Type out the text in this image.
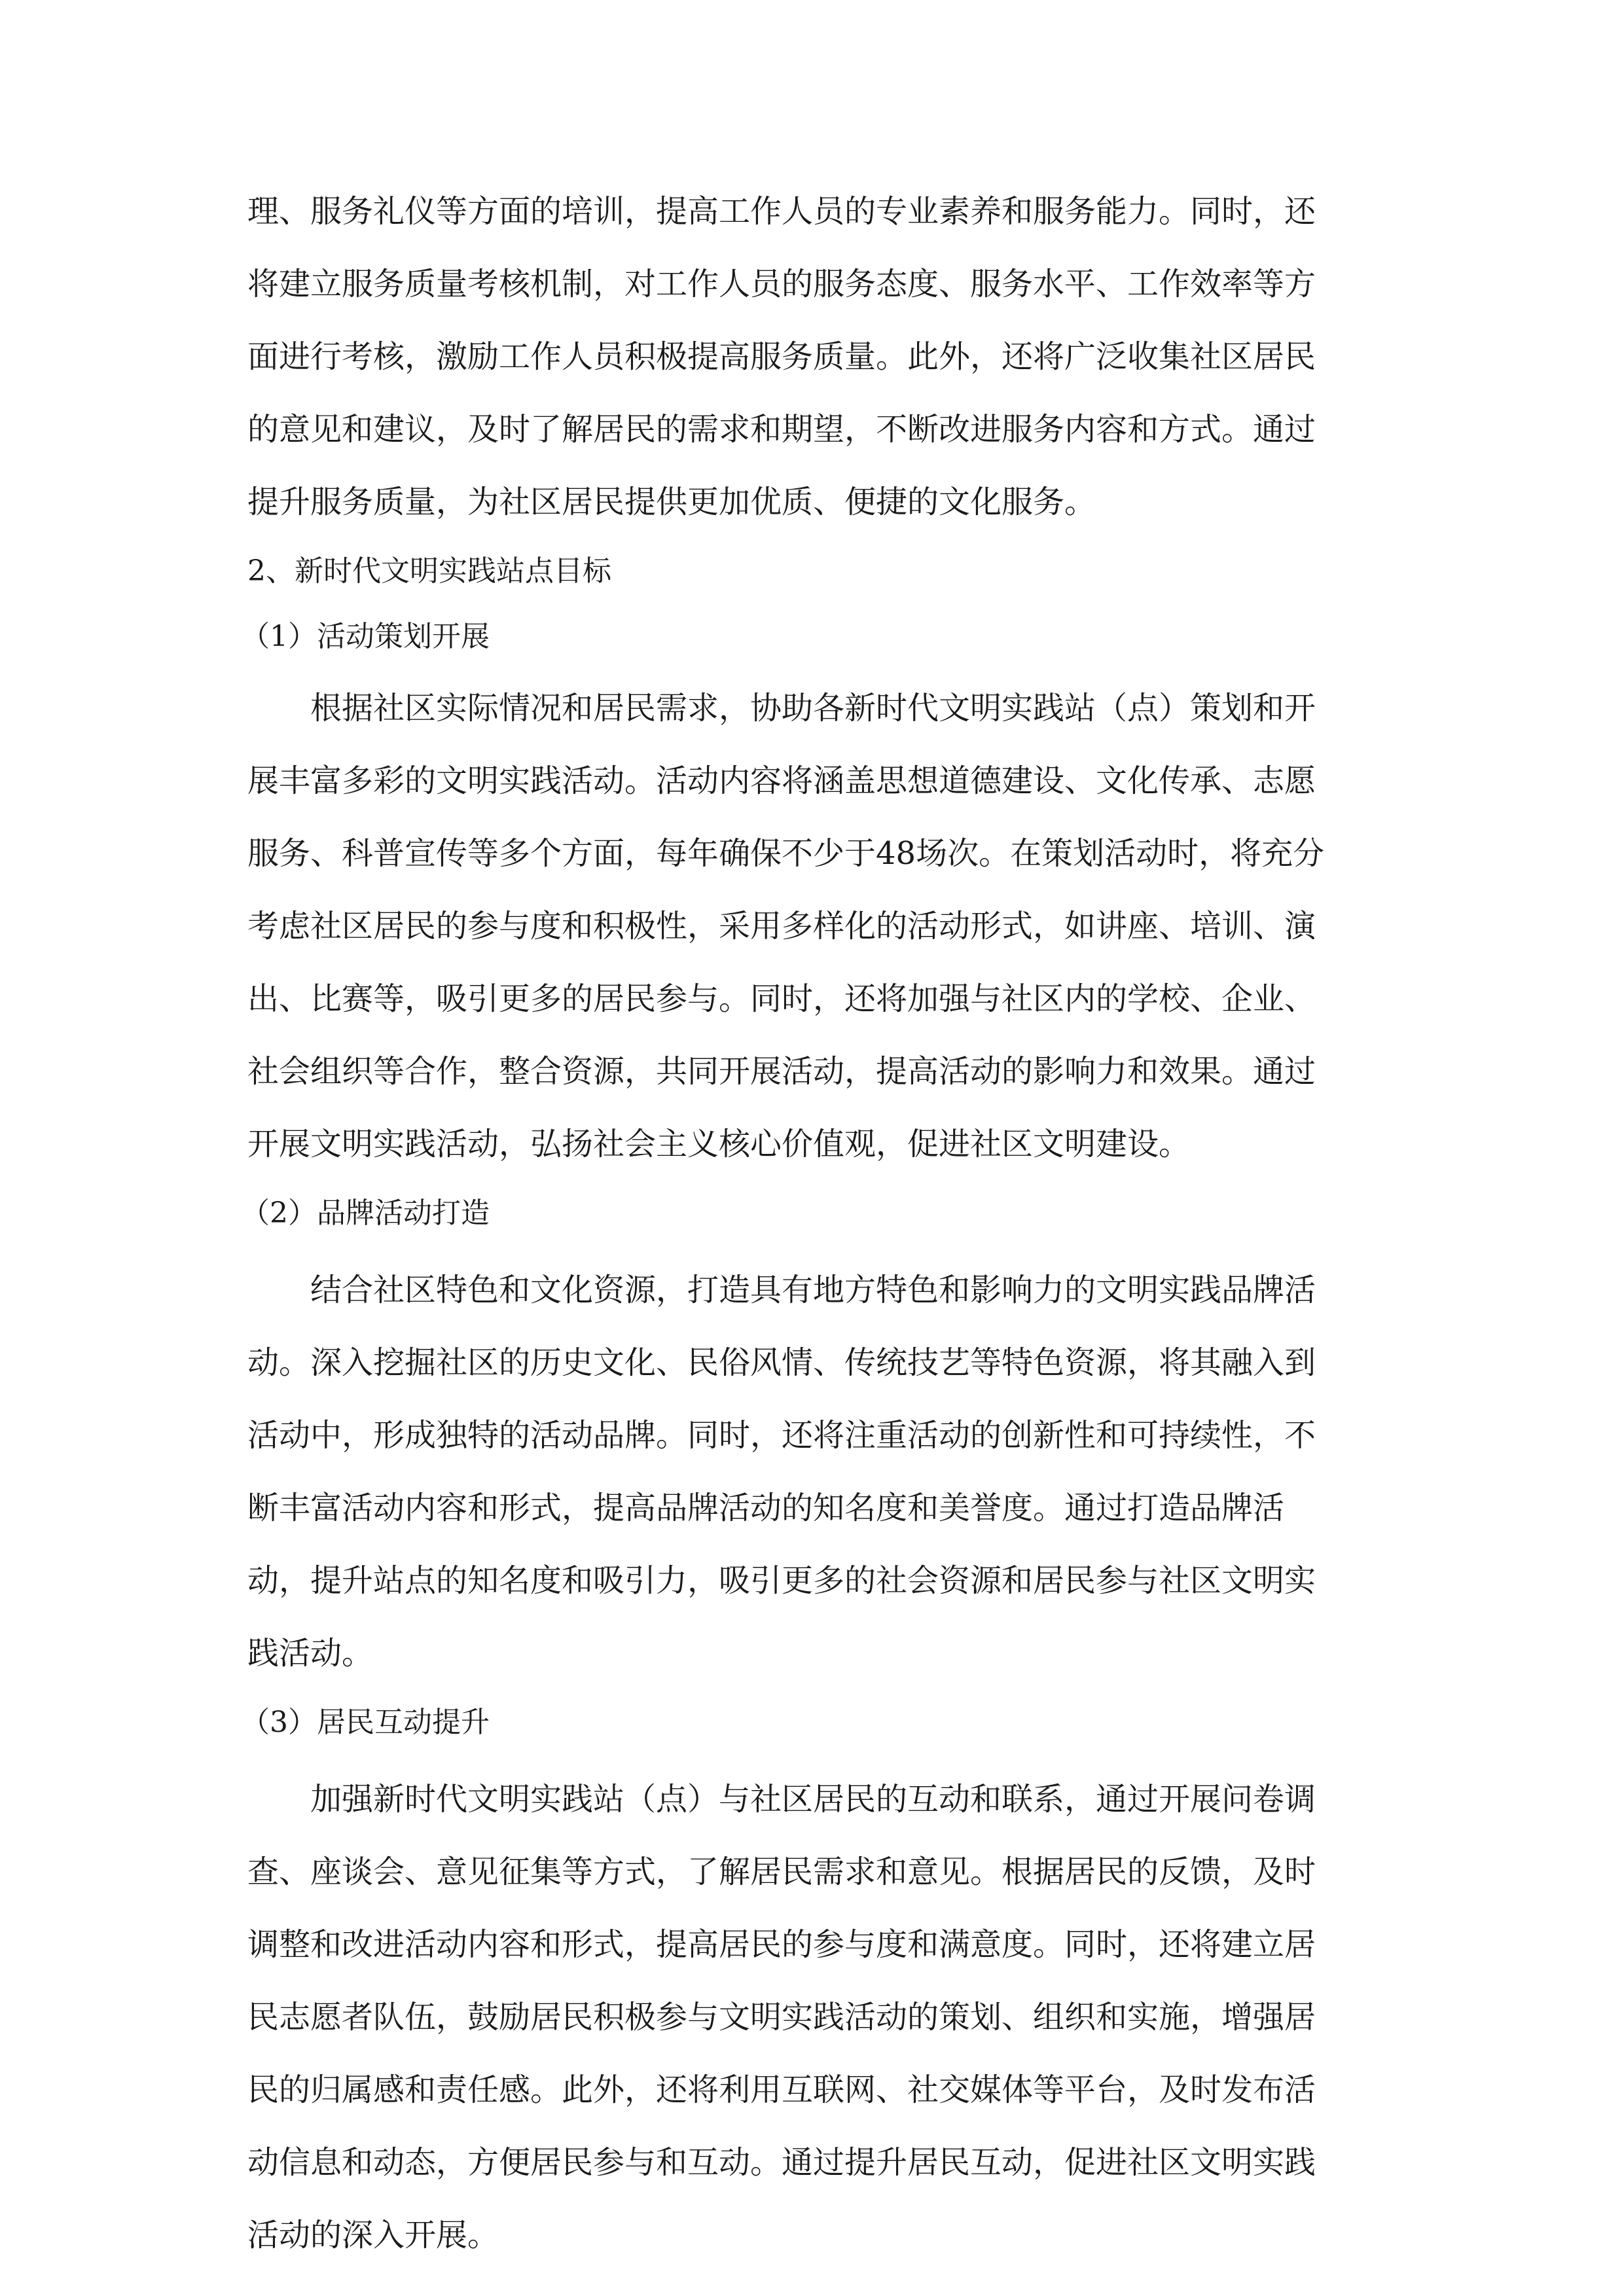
理、服务礼仪等方面的培训，提高工作人员的专业素养和服务能力。同时，还

将建立服务质量考核机制，对工作人员的服务态度、服务水平、工作效率等方

面进行考核，激励工作人员积极提高服务质量。此外，还将广泛收集社区居民

的意见和建议，及时了解居民的需求和期望，不断改进服务内容和方式。通过

提升服务质量，为社区居民提供更加优质、便捷的文化服务。

2、新时代文明实践站点目标

（1）活动策划开展

根据社区实际情况和居民需求，协助各新时代文明实践站（点）策划和开

展丰富多彩的文明实践活动。活动内容将涵盖思想道德建设、文化传承、志愿

服务、科普宣传等多个方面，每年确保不少于48场次。在策划活动时，将充分

考虑社区居民的参与度和积极性，采用多样化的活动形式，如讲座、培训、演

出、比赛等，吸引更多的居民参与。同时，还将加强与社区内的学校、企业、

社会组织等合作，整合资源，共同开展活动，提高活动的影响力和效果。通过

开展文明实践活动，弘扬社会主义核心价值观，促进社区文明建设。

（2）品牌活动打造

结合社区特色和文化资源，打造具有地方特色和影响力的文明实践品牌活

动。深入挖掘社区的历史文化、民俗风情、传统技艺等特色资源，将其融入到

活动中，形成独特的活动品牌。同时，还将注重活动的创新性和可持续性，不

断丰富活动内容和形式，提高品牌活动的知名度和美誉度。通过打造品牌活

动，提升站点的知名度和吸引力，吸引更多的社会资源和居民参与社区文明实

践活动。

（3）居民互动提升

加强新时代文明实践站（点）与社区居民的互动和联系，通过开展问卷调

查、座谈会、意见征集等方式，了解居民需求和意见。根据居民的反馈，及时

调整和改进活动内容和形式，提高居民的参与度和满意度。同时，还将建立居

民志愿者队伍，鼓励居民积极参与文明实践活动的策划、组织和实施，增强居

民的归属感和责任感。此外，还将利用互联网、社交媒体等平台，及时发布活

动信息和动态，方便居民参与和互动。通过提升居民互动，促进社区文明实践

活动的深入开展。
